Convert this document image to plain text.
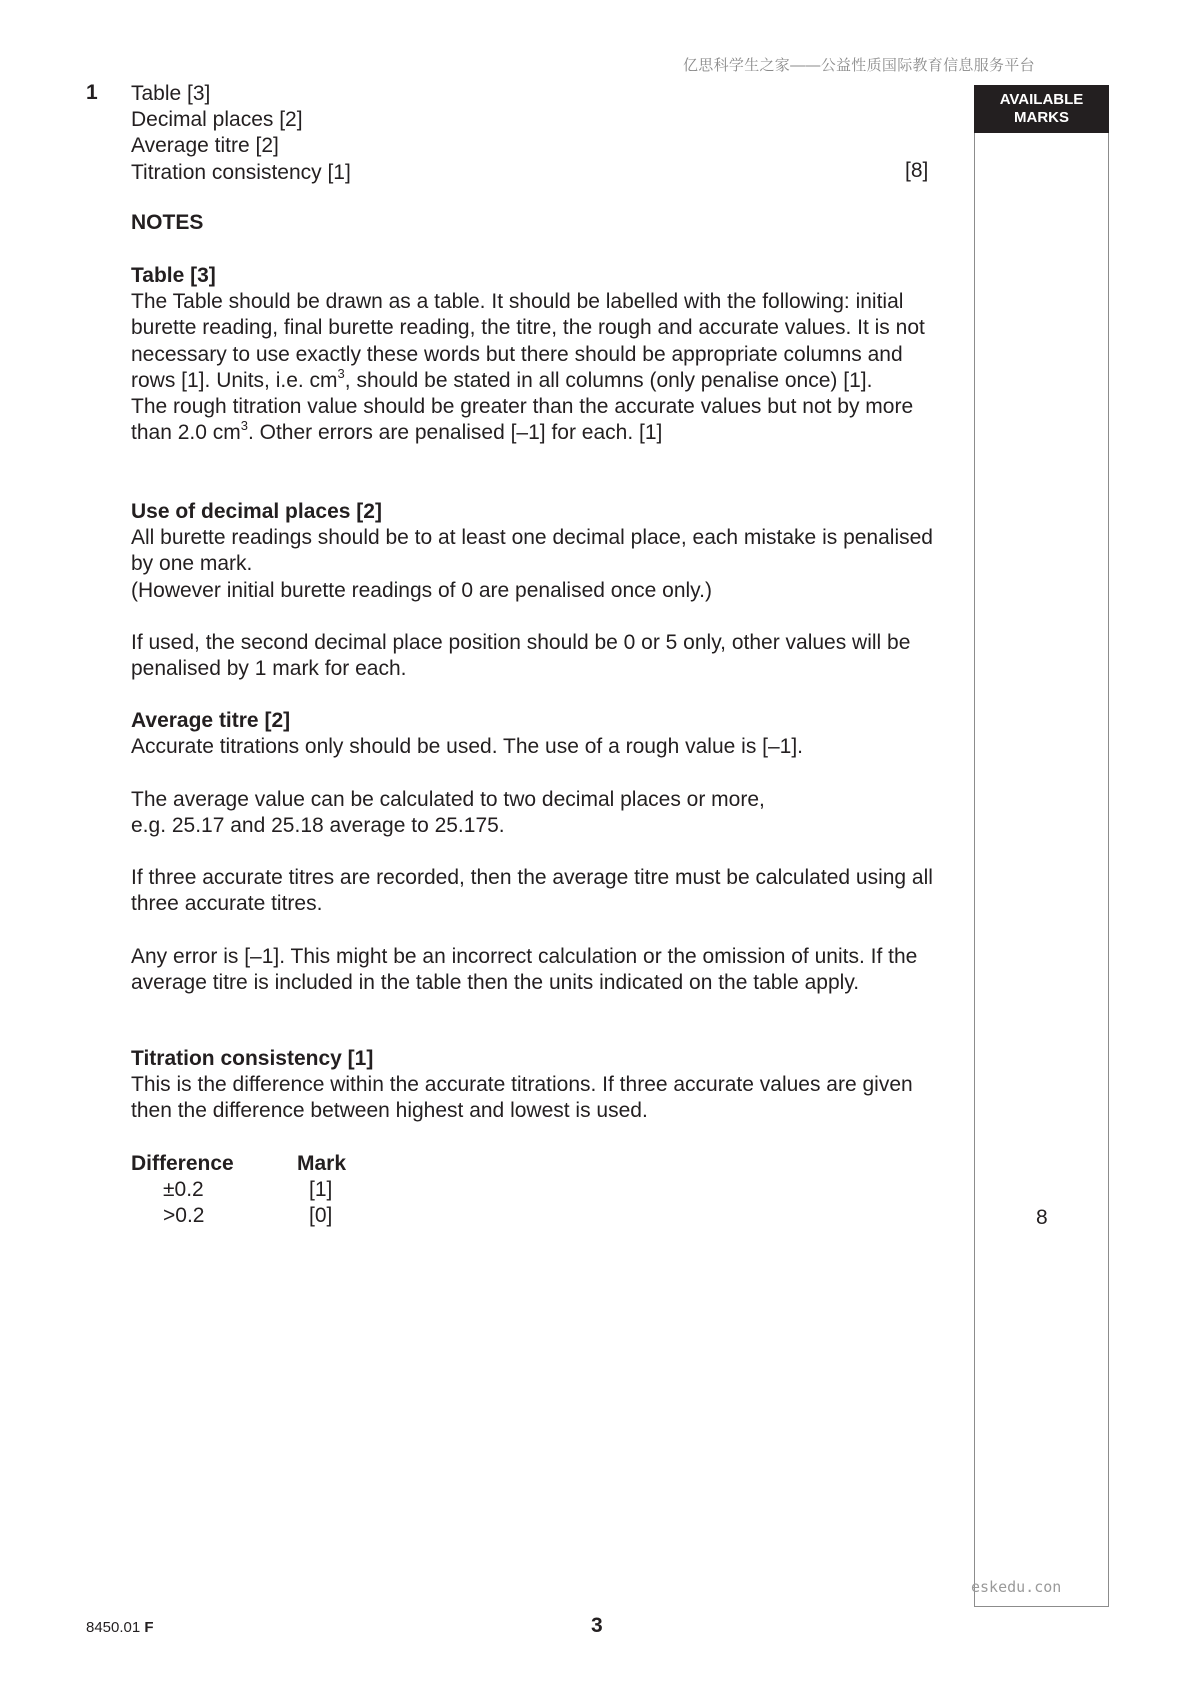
亿思科学生之家——公益性质国际教育信息服务平台
AVAILABLE
MARKS
8
1 Table [3]
Decimal places [2]
Average titre [2]
Titration consistency [1]	[8]
NOTES
Table [3]

The Table should be drawn as a table. It should be labelled with the following: initial burette reading, final burette reading, the titre, the rough and accurate values. It is not necessary to use exactly these words but there should be appropriate columns and rows [1]. Units, i.e. $cm^3$, should be stated in all columns (only penalise once) [1].

The rough titration value should be greater than the accurate values but not by more than 2.0 $cm^3$. Other errors are penalised [–1] for each. [1]

Use of decimal places [2]

All burette readings should be to at least one decimal place, each mistake is penalised by one mark.

(However initial burette readings of 0 are penalised once only.)

If used, the second decimal place position should be 0 or 5 only, other values will be penalised by 1 mark for each.

Average titre [2]

Accurate titrations only should be used. The use of a rough value is [–1].

The average value can be calculated to two decimal places or more,
e.g. 25.17 and 25.18 average to 25.175.

If three accurate titres are recorded, then the average titre must be calculated using all three accurate titres.

Any error is [–1]. This might be an incorrect calculation or the omission of units. If the average titre is included in the table then the units indicated on the table apply.

Titration consistency [1]

This is the difference within the accurate titrations. If three accurate values are given then the difference between highest and lowest is used.

Difference	Mark
±0.2	[1]
>0.2	[0]
eskedu.con
8450.01 F	3
